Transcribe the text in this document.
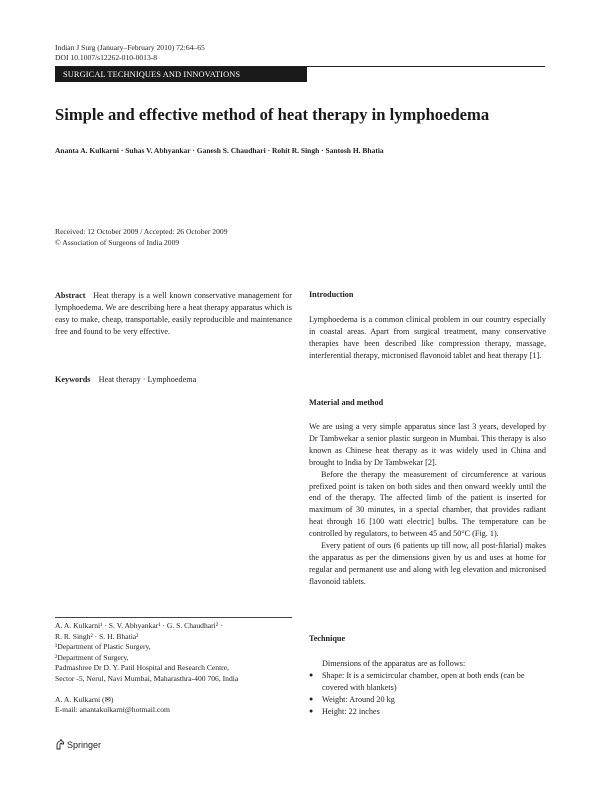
Indian J Surg (January–February 2010) 72:64–65
DOI 10.1007/s12262-010-0013-8
SURGICAL TECHNIQUES AND INNOVATIONS
Simple and effective method of heat therapy in lymphoedema
Ananta A. Kulkarni · Suhas V. Abhyankar · Ganesh S. Chaudhari · Rohit R. Singh · Santosh H. Bhatia
Received: 12 October 2009 / Accepted: 26 October 2009
© Association of Surgeons of India 2009
Abstract Heat therapy is a well known conservative management for lymphoedema. We are describing here a heat therapy apparatus which is easy to make, cheap, transportable, easily reproducible and maintenance free and found to be very effective.
Keywords Heat therapy · Lymphoedema
A. A. Kulkarni¹ · S. V. Abhyankar¹ · G. S. Chaudhari² ·
R. R. Singh² · S. H. Bhatia²
¹Department of Plastic Surgery,
²Department of Surgery,
Padmashree Dr D. Y. Patil Hospital and Research Centre,
Sector -5, Nerul, Navi Mumbai, Maharasthra-400 706, India
A. A. Kulkarni (✉)
E-mail: anantakulkarni@hotmail.com
Springer
Introduction
Lymphoedema is a common clinical problem in our country especially in coastal areas. Apart from surgical treatment, many conservative therapies have been described like compression therapy, massage, interferential therapy, micronised flavonoid tablet and heat therapy [1].
Material and method

We are using a very simple apparatus since last 3 years, developed by Dr Tambwekar a senior plastic surgeon in Mumbai. This therapy is also known as Chinese heat therapy as it was widely used in China and brought to India by Dr Tambwekar [2].

Before the therapy the measurement of circumference at various prefixed point is taken on both sides and then onward weekly until the end of the therapy. The affected limb of the patient is inserted for maximum of 30 minutes, in a special chamber, that provides radiant heat through 16 [100 watt electric] bulbs. The temperature can be controlled by regulators, to between 45 and 50°C (Fig. 1).

Every patient of ours (6 patients up till now, all post-filarial) makes the apparatus as per the dimensions given by us and uses at home for regular and permanent use and along with leg elevation and micronised flavonoid tablets.

Technique

Dimensions of the apparatus are as follows:

● Shape: It is a semicircular chamber, open at both ends (can be covered with blankets)
● Weight: Around 20 kg
● Height: 22 inches
